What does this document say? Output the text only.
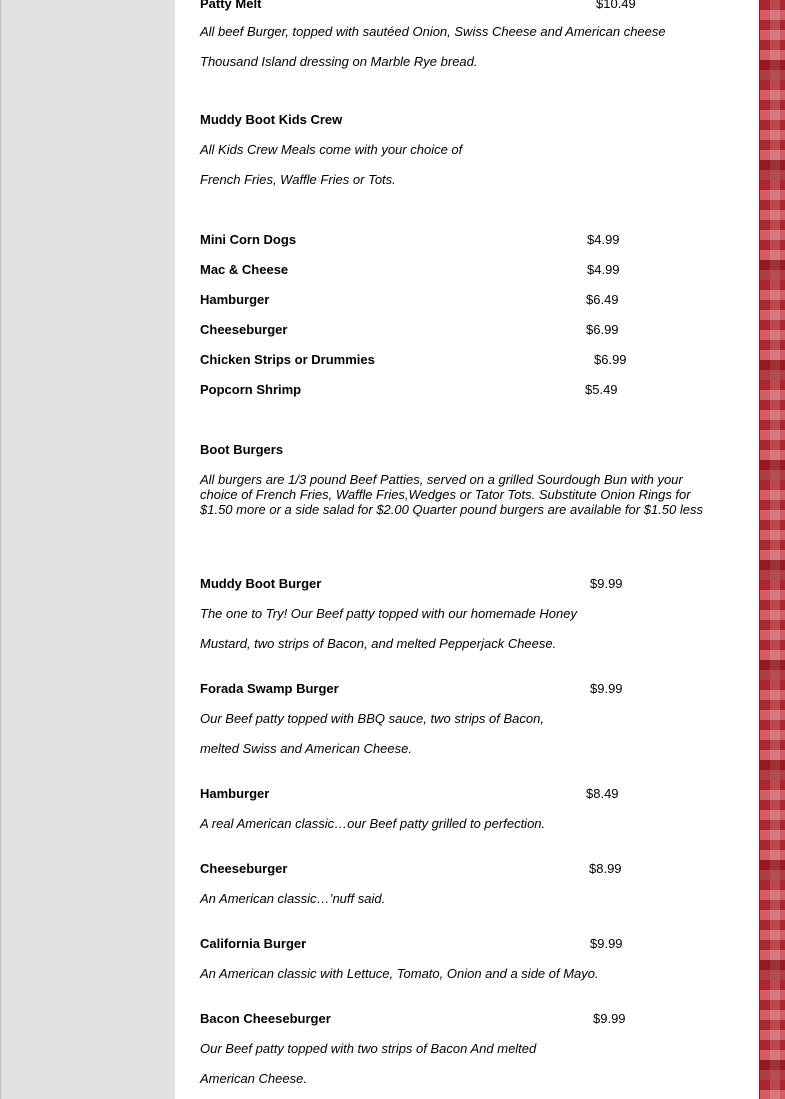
Patty Melt	$10.49
All beef Burger, topped with sautéed Onion, Swiss Cheese and American cheese
Thousand Island dressing on Marble Rye bread.
Muddy Boot Kids Crew
All Kids Crew Meals come with your choice of
French Fries, Waffle Fries or Tots.
Mini Corn Dogs	$4.99
Mac & Cheese	$4.99
Hamburger	$6.49
Cheeseburger	$6.99
Chicken Strips or Drummies	$6.99
Popcorn Shrimp	$5.49
Boot Burgers
All burgers are 1/3 pound Beef Patties, served on a grilled Sourdough Bun with your choice of French Fries, Waffle Fries,Wedges or Tator Tots. Substitute Onion Rings for $1.50 more or a side salad for $2.00 Quarter pound burgers are available for $1.50 less
Muddy Boot Burger	$9.99
The one to Try! Our Beef patty topped with our homemade Honey
Mustard, two strips of Bacon, and melted Pepperjack Cheese.
Forada Swamp Burger	$9.99
Our Beef patty topped with BBQ sauce, two strips of Bacon,
melted Swiss and American Cheese.
Hamburger	$8.49
A real American classic…our Beef patty grilled to perfection.
Cheeseburger	$8.99
An American classic…’nuff said.
California Burger	$9.99
An American classic with Lettuce, Tomato, Onion and a side of Mayo.
Bacon Cheeseburger	$9.99
Our Beef patty topped with two strips of Bacon And melted
American Cheese.
